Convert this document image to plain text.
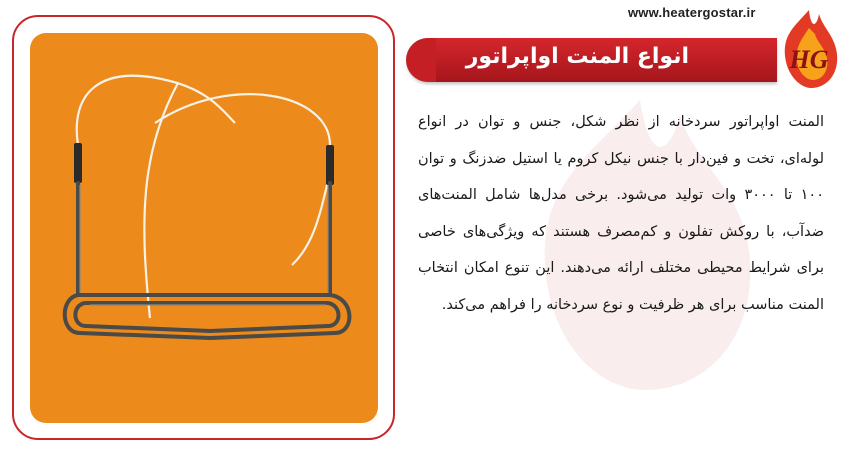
www.heatergostar.ir
انواع المنت اواپراتور	HG
المنت اواپراتور سردخانه از نظر شکل، جنس و توان در انواع لوله‌ای، تخت و فین‌دار با جنس نیکل کروم یا استیل ضدزنگ و توان ۱۰۰ تا ۳۰۰۰ وات تولید می‌شود. برخی مدل‌ها شامل المنت‌های ضدآب، با روکش تفلون و کم‌مصرف هستند که ویژگی‌های خاصی برای شرایط محیطی مختلف ارائه می‌دهند. این تنوع امکان انتخاب المنت مناسب برای هر ظرفیت و نوع سردخانه را فراهم می‌کند.
